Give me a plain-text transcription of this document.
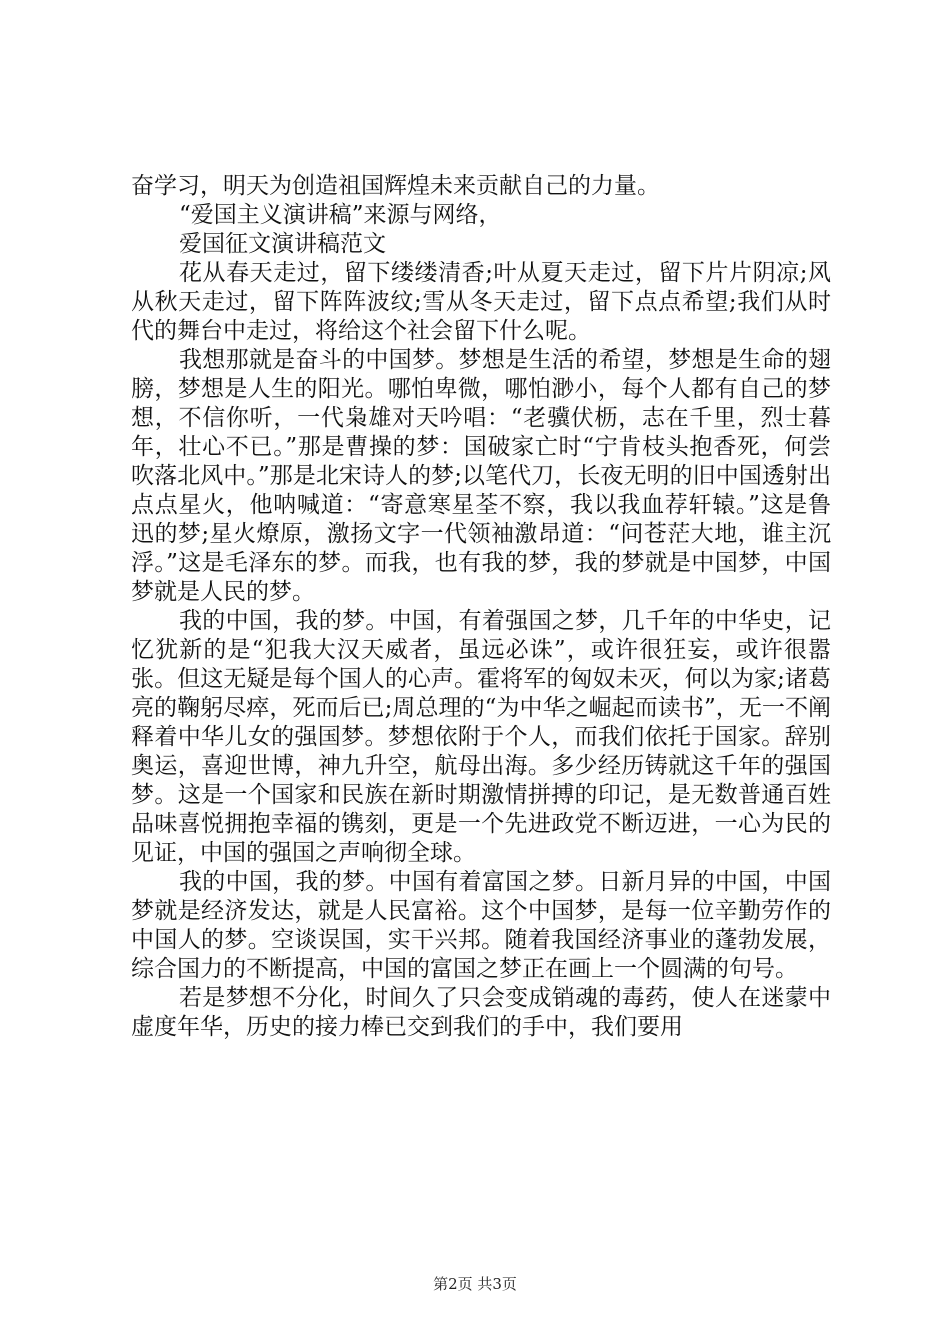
奋学习，明天为创造祖国辉煌未来贡献自己的力量。

“爱国主义演讲稿”来源与网络，

爱国征文演讲稿范文

花从春天走过，留下缕缕清香;叶从夏天走过，留下片片阴凉;风从秋天走过，留下阵阵波纹;雪从冬天走过，留下点点希望;我们从时代的舞台中走过，将给这个社会留下什么呢。

我想那就是奋斗的中国梦。梦想是生活的希望，梦想是生命的翅膀，梦想是人生的阳光。哪怕卑微，哪怕渺小，每个人都有自己的梦想，不信你听，一代枭雄对天吟唱：“老骥伏枥，志在千里，烈士暮年，壮心不已。”那是曹操的梦：国破家亡时“宁肯枝头抱香死，何尝吹落北风中。”那是北宋诗人的梦;以笔代刀，长夜无明的旧中国透射出点点星火，他呐喊道：“寄意寒星荃不察，我以我血荐轩辕。”这是鲁迅的梦;星火燎原，激扬文字一代领袖激昂道：“问苍茫大地，谁主沉浮。”这是毛泽东的梦。而我，也有我的梦，我的梦就是中国梦，中国梦就是人民的梦。

我的中国，我的梦。中国，有着强国之梦，几千年的中华史，记忆犹新的是“犯我大汉天威者，虽远必诛”，或许很狂妄，或许很嚣张。但这无疑是每个国人的心声。霍将军的匈奴未灭，何以为家;诸葛亮的鞠躬尽瘁，死而后已;周总理的“为中华之崛起而读书”，无一不阐释着中华儿女的强国梦。梦想依附于个人，而我们依托于国家。辞别奥运，喜迎世博，神九升空，航母出海。多少经历铸就这千年的强国梦。这是一个国家和民族在新时期激情拼搏的印记，是无数普通百姓品味喜悦拥抱幸福的镌刻，更是一个先进政党不断迈进，一心为民的见证，中国的强国之声响彻全球。

我的中国，我的梦。中国有着富国之梦。日新月异的中国，中国梦就是经济发达，就是人民富裕。这个中国梦，是每一位辛勤劳作的中国人的梦。空谈误国，实干兴邦。随着我国经济事业的蓬勃发展，综合国力的不断提高，中国的富国之梦正在画上一个圆满的句号。

若是梦想不分化，时间久了只会变成销魂的毒药，使人在迷蒙中虚度年华，历史的接力棒已交到我们的手中，我们要用

第2页 共3页
